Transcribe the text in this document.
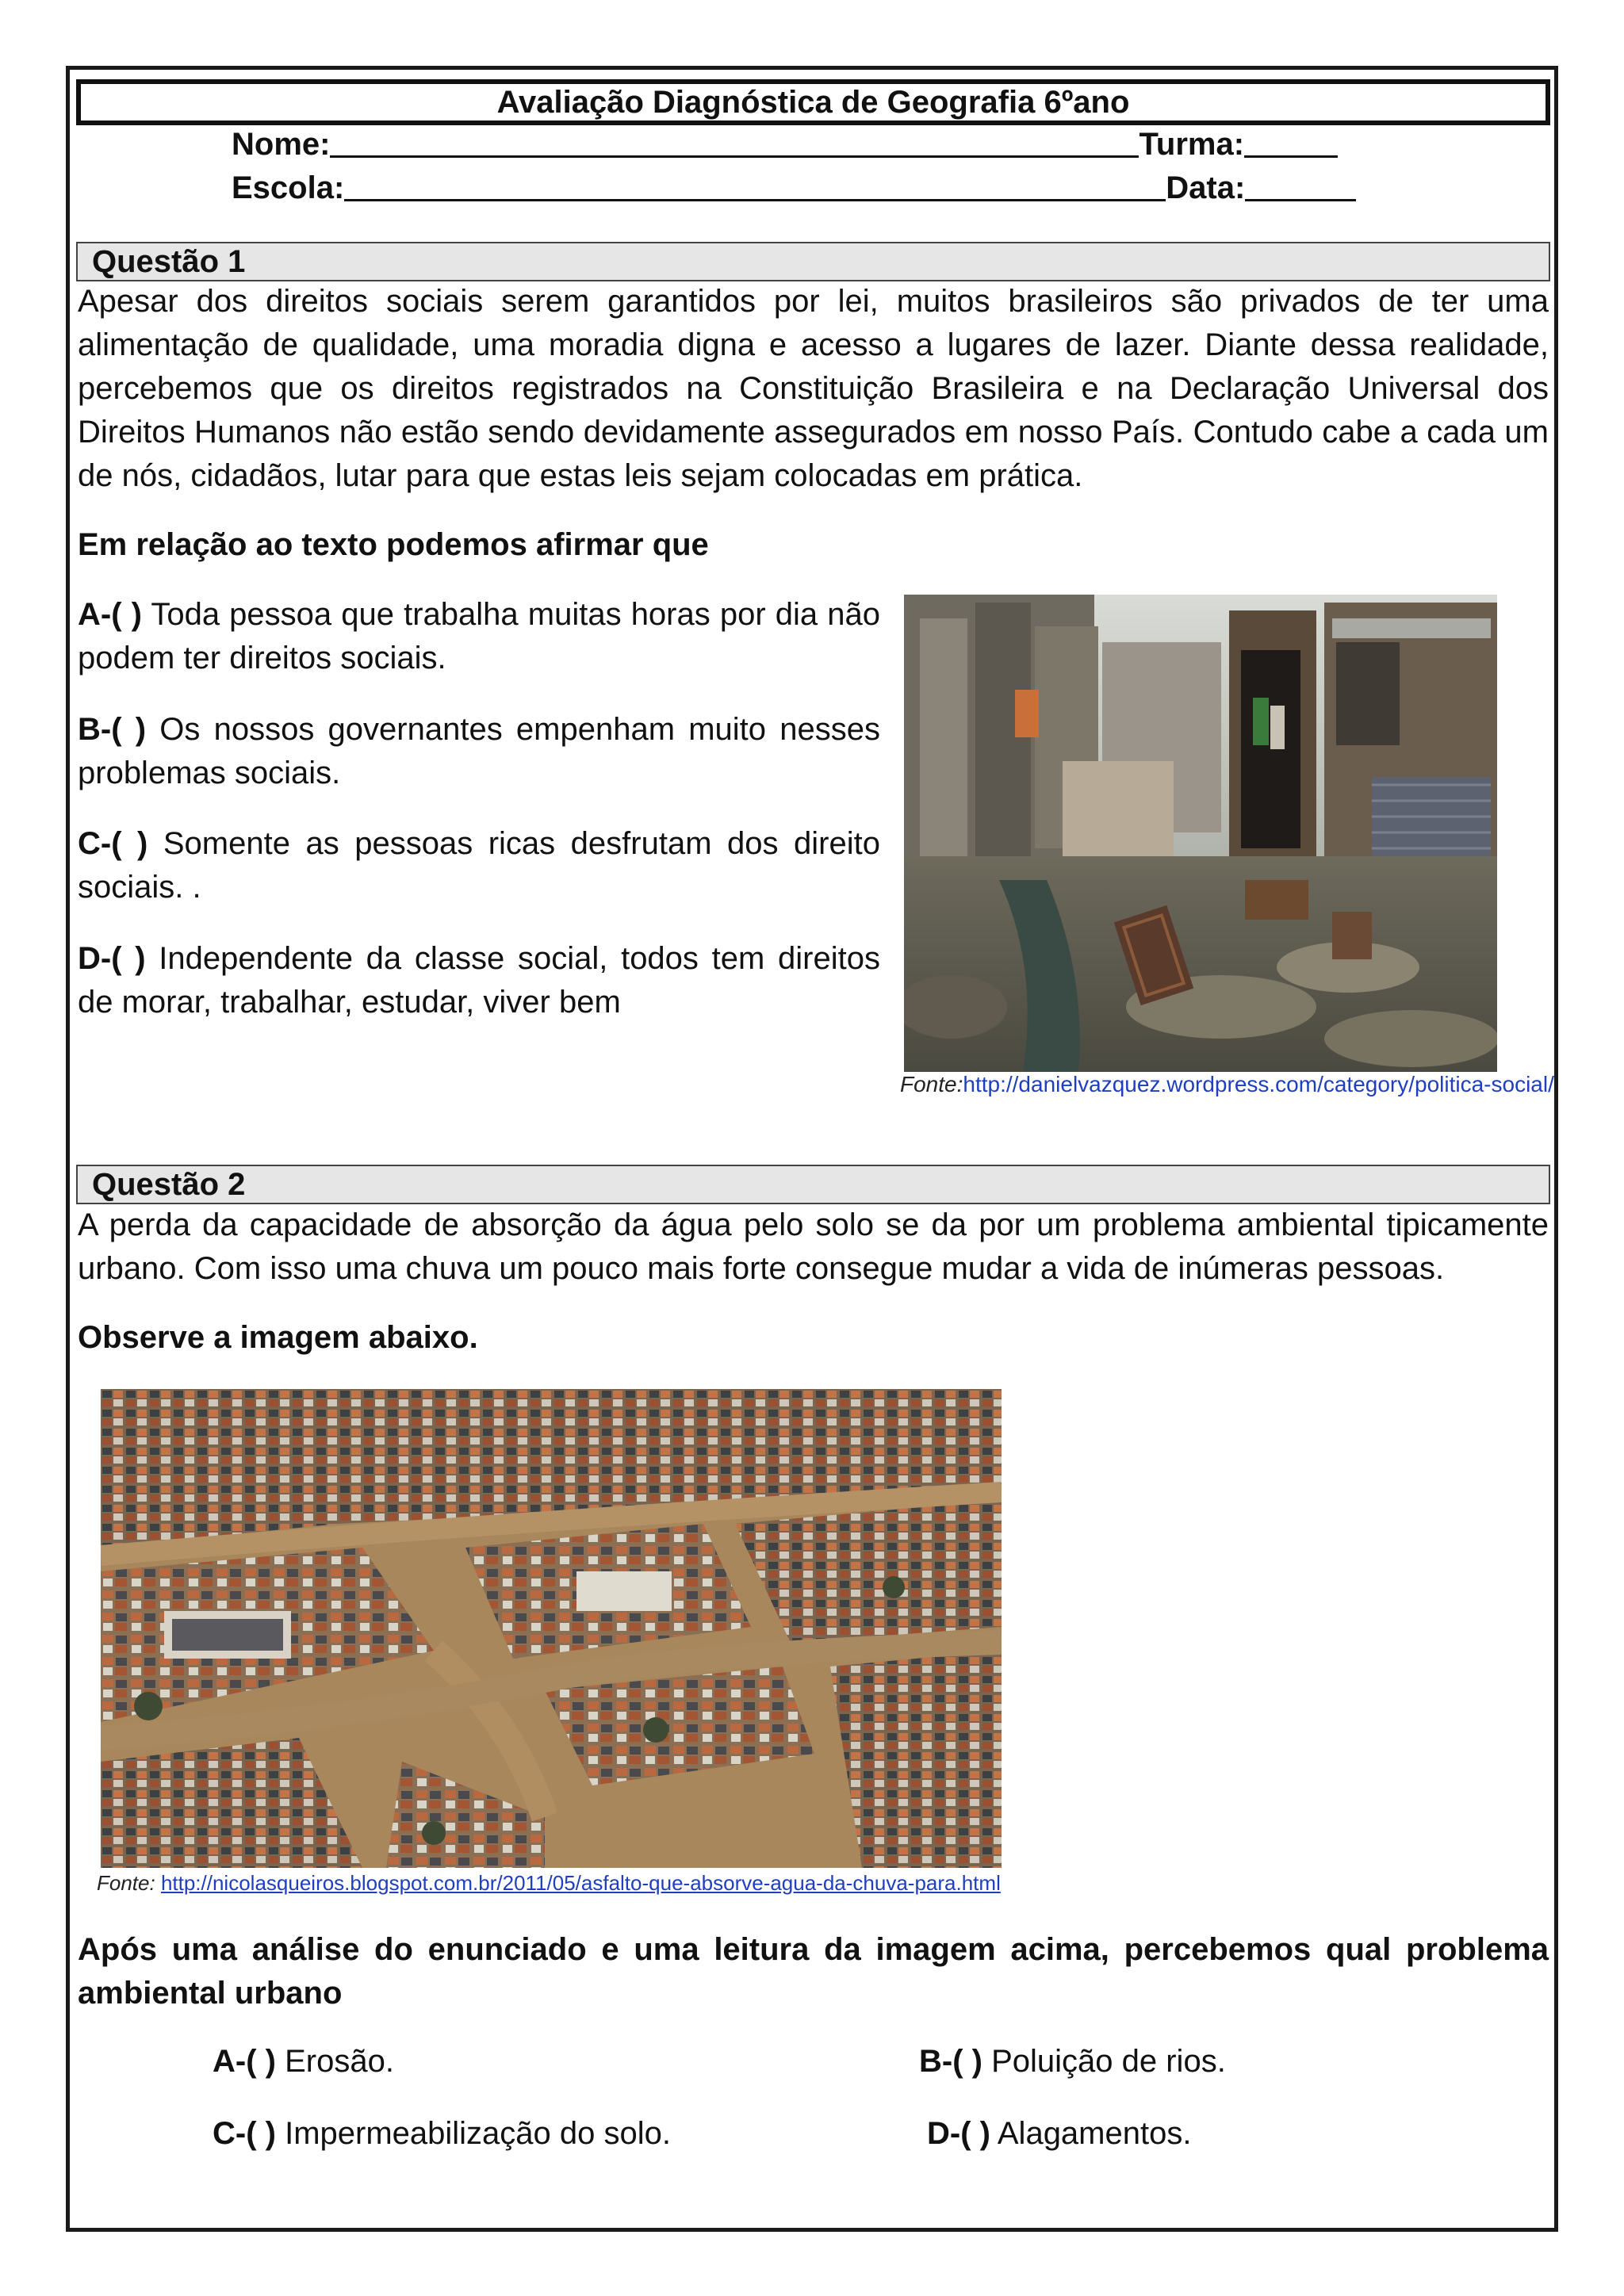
Avaliação Diagnóstica de Geografia 6ºano
Nome:	Turma:
Escola:	Data:
Questão 1
Apesar dos direitos sociais serem garantidos por lei, muitos brasileiros são privados de ter uma alimentação de qualidade, uma moradia digna e acesso a lugares de lazer. Diante dessa realidade, percebemos que os direitos registrados na Constituição Brasileira e na Declaração Universal dos Direitos Humanos não estão sendo devidamente assegurados em nosso País. Contudo cabe a cada um de nós, cidadãos, lutar para que estas leis sejam colocadas em prática.
Em relação ao texto podemos afirmar que
A-( ) Toda pessoa que trabalha muitas horas por dia não podem ter direitos sociais.
B-( ) Os nossos governantes empenham muito nesses problemas sociais.
C-( ) Somente as pessoas ricas desfrutam dos direito sociais. .
D-( ) Independente da classe social, todos tem direitos de morar, trabalhar, estudar, viver bem
Fonte:http://danielvazquez.wordpress.com/category/politica-social/
Questão 2
A perda da capacidade de absorção da água pelo solo se da por um problema ambiental tipicamente urbano. Com isso uma chuva um pouco mais forte consegue mudar a vida de inúmeras pessoas.
Observe a imagem abaixo.
Fonte: http://nicolasqueiros.blogspot.com.br/2011/05/asfalto-que-absorve-agua-da-chuva-para.html
Após uma análise do enunciado e uma leitura da imagem acima, percebemos qual problema ambiental urbano
A-( ) Erosão.	B-( ) Poluição de rios.
C-( ) Impermeabilização do solo.	D-( ) Alagamentos.
